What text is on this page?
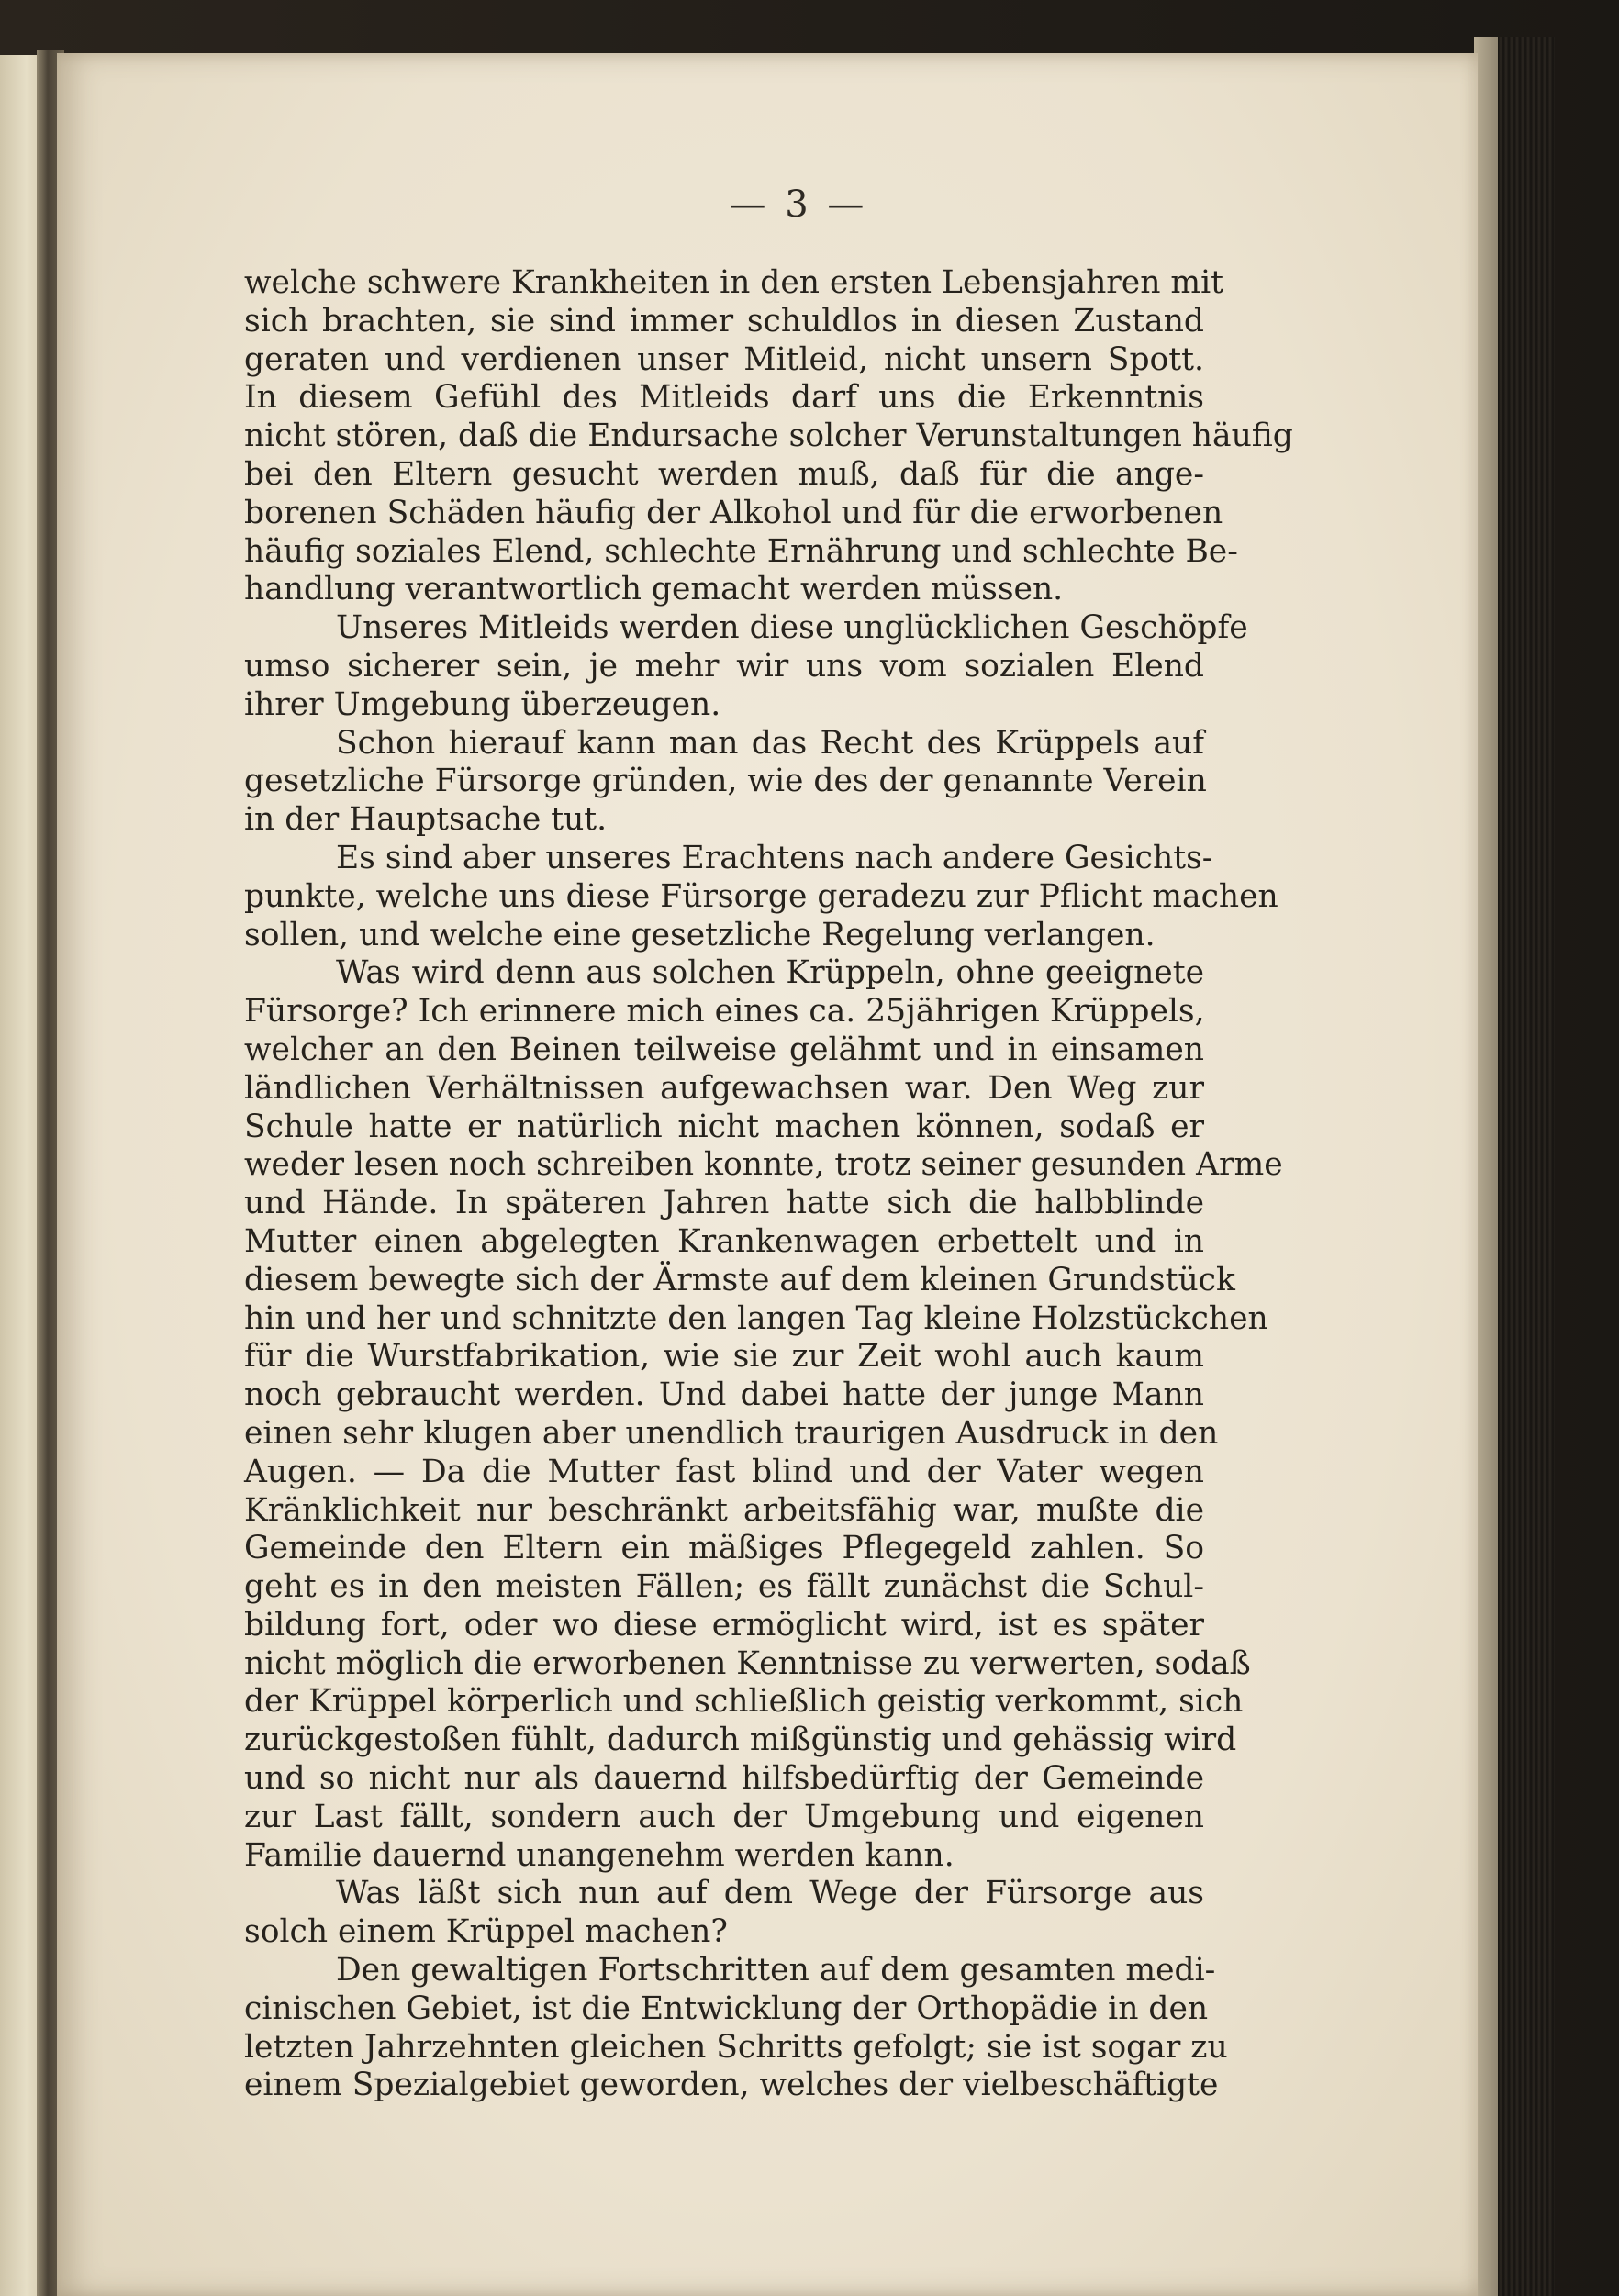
— 3 —
welche schwere Krankheiten in den ersten Lebensjahren mit
sich brachten, sie sind immer schuldlos in diesen Zustand
geraten und verdienen unser Mitleid, nicht unsern Spott.
In diesem Gefühl des Mitleids darf uns die Erkenntnis
nicht stören, daß die Endursache solcher Verunstaltungen häufig
bei den Eltern gesucht werden muß, daß für die ange-
borenen Schäden häufig der Alkohol und für die erworbenen
häufig soziales Elend, schlechte Ernährung und schlechte Be-
handlung verantwortlich gemacht werden müssen.
Unseres Mitleids werden diese unglücklichen Geschöpfe
umso sicherer sein, je mehr wir uns vom sozialen Elend
ihrer Umgebung überzeugen.
Schon hierauf kann man das Recht des Krüppels auf
gesetzliche Fürsorge gründen, wie des der genannte Verein
in der Hauptsache tut.
Es sind aber unseres Erachtens nach andere Gesichts-
punkte, welche uns diese Fürsorge geradezu zur Pflicht machen
sollen, und welche eine gesetzliche Regelung verlangen.
Was wird denn aus solchen Krüppeln, ohne geeignete
Fürsorge? Ich erinnere mich eines ca. 25jährigen Krüppels,
welcher an den Beinen teilweise gelähmt und in einsamen
ländlichen Verhältnissen aufgewachsen war. Den Weg zur
Schule hatte er natürlich nicht machen können, sodaß er
weder lesen noch schreiben konnte, trotz seiner gesunden Arme
und Hände. In späteren Jahren hatte sich die halbblinde
Mutter einen abgelegten Krankenwagen erbettelt und in
diesem bewegte sich der Ärmste auf dem kleinen Grundstück
hin und her und schnitzte den langen Tag kleine Holzstückchen
für die Wurstfabrikation, wie sie zur Zeit wohl auch kaum
noch gebraucht werden. Und dabei hatte der junge Mann
einen sehr klugen aber unendlich traurigen Ausdruck in den
Augen. — Da die Mutter fast blind und der Vater wegen
Kränklichkeit nur beschränkt arbeitsfähig war, mußte die
Gemeinde den Eltern ein mäßiges Pflegegeld zahlen. So
geht es in den meisten Fällen; es fällt zunächst die Schul-
bildung fort, oder wo diese ermöglicht wird, ist es später
nicht möglich die erworbenen Kenntnisse zu verwerten, sodaß
der Krüppel körperlich und schließlich geistig verkommt, sich
zurückgestoßen fühlt, dadurch mißgünstig und gehässig wird
und so nicht nur als dauernd hilfsbedürftig der Gemeinde
zur Last fällt, sondern auch der Umgebung und eigenen
Familie dauernd unangenehm werden kann.
Was läßt sich nun auf dem Wege der Fürsorge aus
solch einem Krüppel machen?
Den gewaltigen Fortschritten auf dem gesamten medi-
cinischen Gebiet, ist die Entwicklung der Orthopädie in den
letzten Jahrzehnten gleichen Schritts gefolgt; sie ist sogar zu
einem Spezialgebiet geworden, welches der vielbeschäftigte
